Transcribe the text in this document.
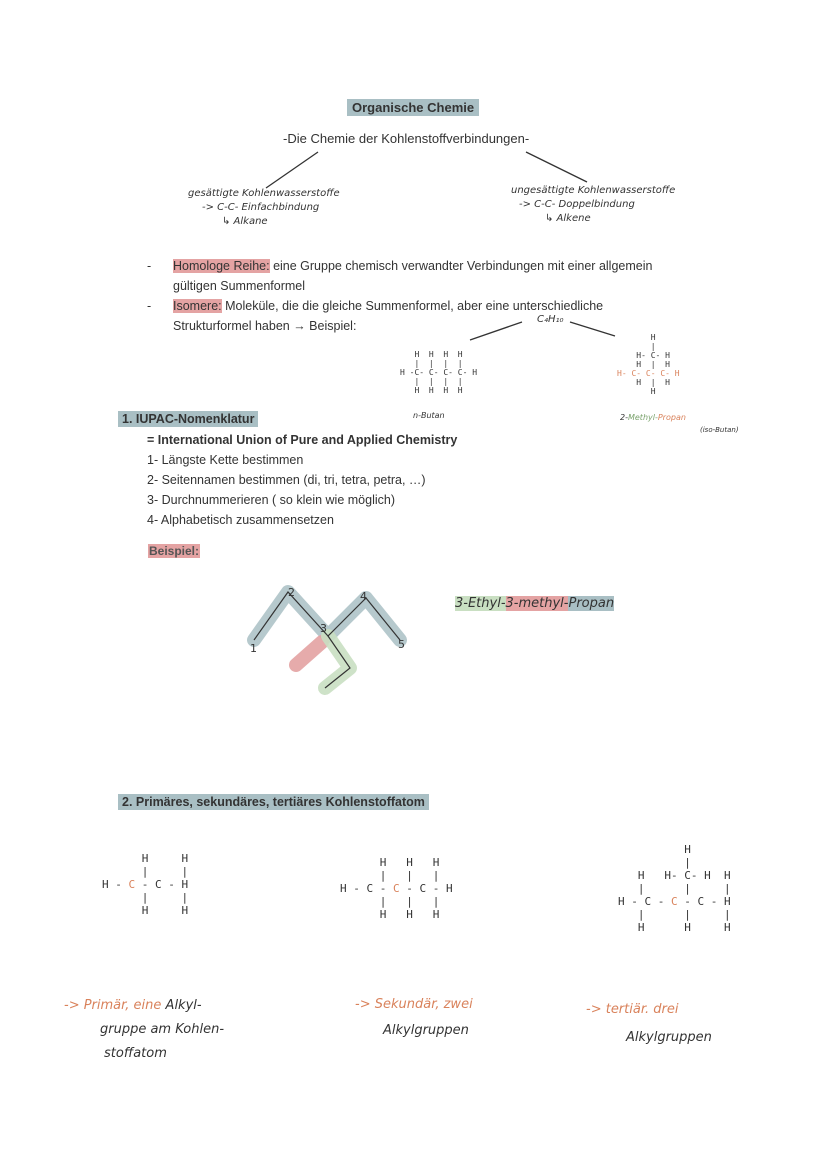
Organische Chemie
-Die Chemie der Kohlenstoffverbindungen-
gesättigte Kohlenwasserstoffe
-> C-C- Einfachbindung
↳ Alkane
ungesättigte Kohlenwasserstoffe
-> C-C- Doppelbindung
↳ Alkene
- Homologe Reihe: eine Gruppe chemisch verwandter Verbindungen mit einer allgemein
gültigen Summenformel
- Isomere: Moleküle, die die gleiche Summenformel, aber eine unterschiedliche
Strukturformel haben → Beispiel:	C₄H₁₀
H  H  H  H
|  |  |  |
H -C- C- C- C- H
|  |  |  |
H  H  H  H
n-Butan
H
|
H- C- H
H  |  H
H- C- C- C- H
H  |  H
H
2-Methyl-Propan
(iso-Butan)
1. IUPAC-Nomenklatur
= International Union of Pure and Applied Chemistry
1- Längste Kette bestimmen
2- Seitennamen bestimmen (di, tri, tetra, petra, …)
3- Durchnummerieren ( so klein wie möglich)
4- Alphabetisch zusammensetzen
Beispiel:
1
2
3
4
5
3-Ethyl-3-methyl-Propan
2. Primäres, sekundäres, tertiäres Kohlenstoffatom
H     H
|     |
H - C - C - H
|     |
H     H
H   H   H
|   |   |
H - C - C - C - H
|   |   |
H   H   H
H
|
H   H- C- H  H
|      |     |
H - C - C - C - H
|      |     |
H      H     H
-> Primär, eine Alkyl-
gruppe am Kohlen-
stoffatom
-> Sekundär, zwei
Alkylgruppen
-> tertiär. drei
Alkylgruppen
